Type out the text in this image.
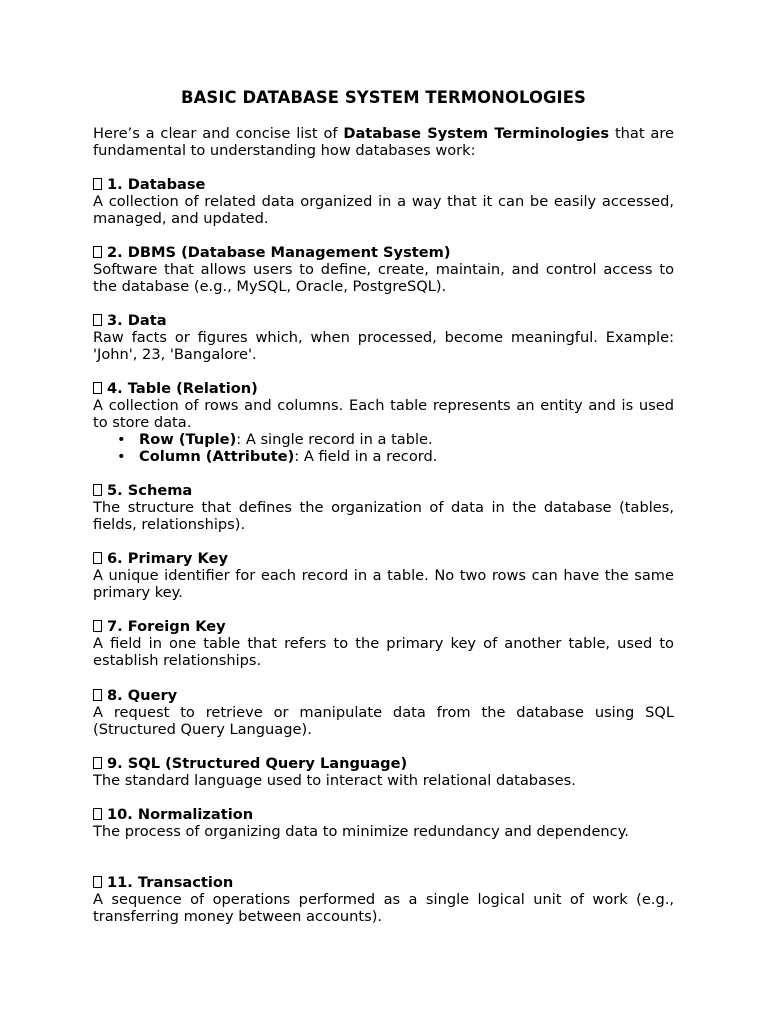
BASIC DATABASE SYSTEM TERMONOLOGIES
Here’s a clear and concise list of Database System Terminologies that are fundamental to understanding how databases work:
1. Database
A collection of related data organized in a way that it can be easily accessed, managed, and updated.
2. DBMS (Database Management System)
Software that allows users to define, create, maintain, and control access to the database (e.g., MySQL, Oracle, PostgreSQL).
3. Data
Raw facts or figures which, when processed, become meaningful. Example: 'John', 23, 'Bangalore'.
4. Table (Relation)
A collection of rows and columns. Each table represents an entity and is used to store data.
• Row (Tuple): A single record in a table.
• Column (Attribute): A field in a record.
5. Schema
The structure that defines the organization of data in the database (tables, fields, relationships).
6. Primary Key
A unique identifier for each record in a table. No two rows can have the same primary key.
7. Foreign Key
A field in one table that refers to the primary key of another table, used to establish relationships.
8. Query
A request to retrieve or manipulate data from the database using SQL (Structured Query Language).
9. SQL (Structured Query Language)
The standard language used to interact with relational databases.
10. Normalization
The process of organizing data to minimize redundancy and dependency.
11. Transaction
A sequence of operations performed as a single logical unit of work (e.g., transferring money between accounts).
